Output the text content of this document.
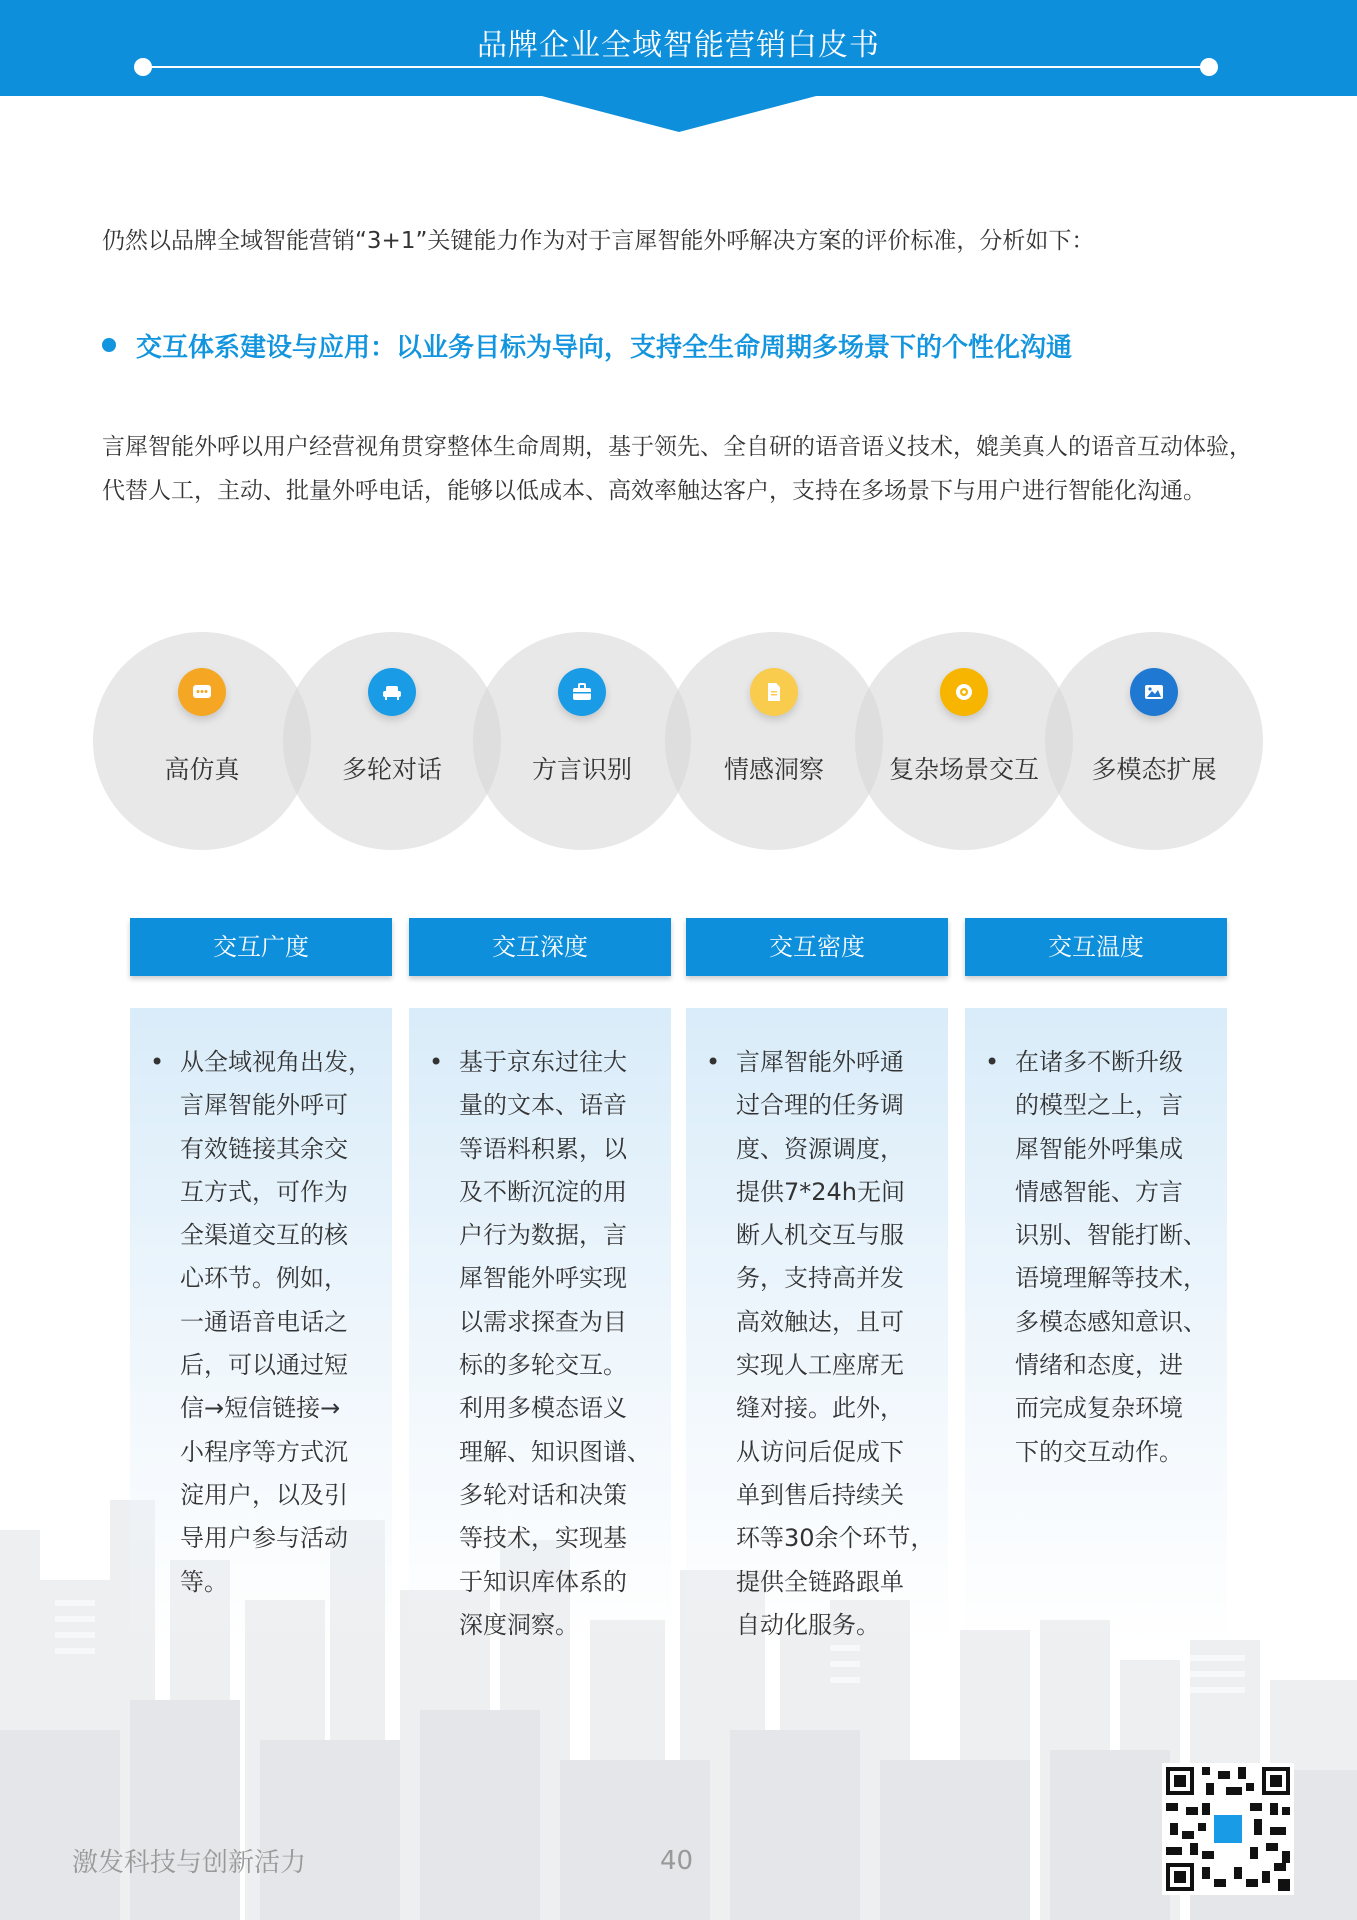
品牌企业全域智能营销白皮书
仍然以品牌全域智能营销“3+1”关键能力作为对于言犀智能外呼解决方案的评价标准，分析如下：
交互体系建设与应用：以业务目标为导向，支持全生命周期多场景下的个性化沟通
言犀智能外呼以用户经营视角贯穿整体生命周期，基于领先、全自研的语音语义技术，媲美真人的语音互动体验，代替人工，主动、批量外呼电话，能够以低成本、高效率触达客户，支持在多场景下与用户进行智能化沟通。
高仿真	多轮对话	方言识别	情感洞察	复杂场景交互	多模态扩展
交互广度	交互深度	交互密度	交互温度
• 从全域视角出发，
言犀智能外呼可
有效链接其余交
互方式，可作为
全渠道交互的核
心环节。例如，
一通语音电话之
后，可以通过短
信→短信链接→
小程序等方式沉
淀用户，以及引
导用户参与活动
等。
• 基于京东过往大
量的文本、语音
等语料积累，以
及不断沉淀的用
户行为数据，言
犀智能外呼实现
以需求探查为目
标的多轮交互。
利用多模态语义
理解、知识图谱、
多轮对话和决策
等技术，实现基
于知识库体系的
深度洞察。
• 言犀智能外呼通
过合理的任务调
度、资源调度，
提供7*24h无间
断人机交互与服
务，支持高并发
高效触达，且可
实现人工座席无
缝对接。此外，
从访问后促成下
单到售后持续关
环等30余个环节，
提供全链路跟单
自动化服务。
• 在诸多不断升级
的模型之上，言
犀智能外呼集成
情感智能、方言
识别、智能打断、
语境理解等技术，
多模态感知意识、
情绪和态度，进
而完成复杂环境
下的交互动作。
激发科技与创新活力	40
